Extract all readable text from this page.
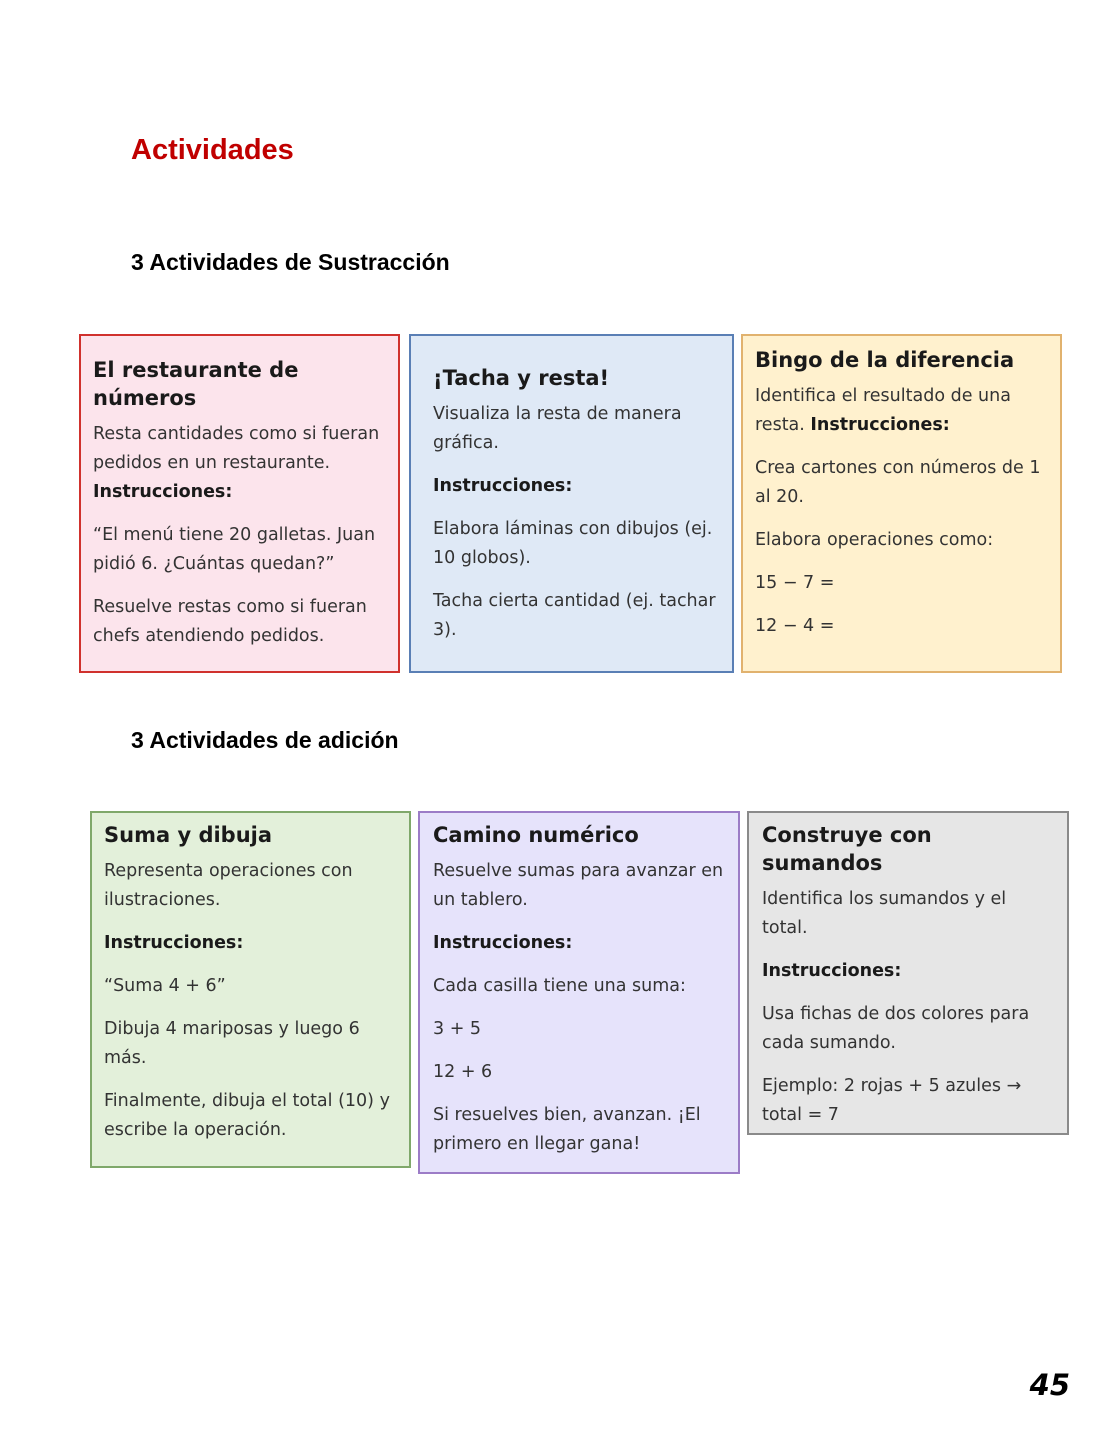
Actividades
3 Actividades de Sustracción
El restaurante de números

Resta cantidades como si fueran pedidos en un restaurante.
Instrucciones:

“El menú tiene 20 galletas. Juan pidió 6. ¿Cuántas quedan?”

Resuelve restas como si fueran chefs atendiendo pedidos.

¡Tacha y resta!

Visualiza la resta de manera gráfica.

Instrucciones:

Elabora láminas con dibujos (ej. 10 globos).

Tacha cierta cantidad (ej. tachar 3).

Bingo de la diferencia

Identifica el resultado de una resta. Instrucciones:

Crea cartones con números de 1 al 20.

Elabora operaciones como:

15 − 7 =

12 − 4 =

3 Actividades de adición
Suma y dibuja

Representa operaciones con ilustraciones.

Instrucciones:

“Suma 4 + 6”

Dibuja 4 mariposas y luego 6 más.

Finalmente, dibuja el total (10) y escribe la operación.

Camino numérico

Resuelve sumas para avanzar en un tablero.

Instrucciones:

Cada casilla tiene una suma:

3 + 5

12 + 6

Si resuelves bien, avanzan. ¡El primero en llegar gana!

Construye con sumandos

Identifica los sumandos y el total.

Instrucciones:

Usa fichas de dos colores para cada sumando.

Ejemplo: 2 rojas + 5 azules → total = 7

45
